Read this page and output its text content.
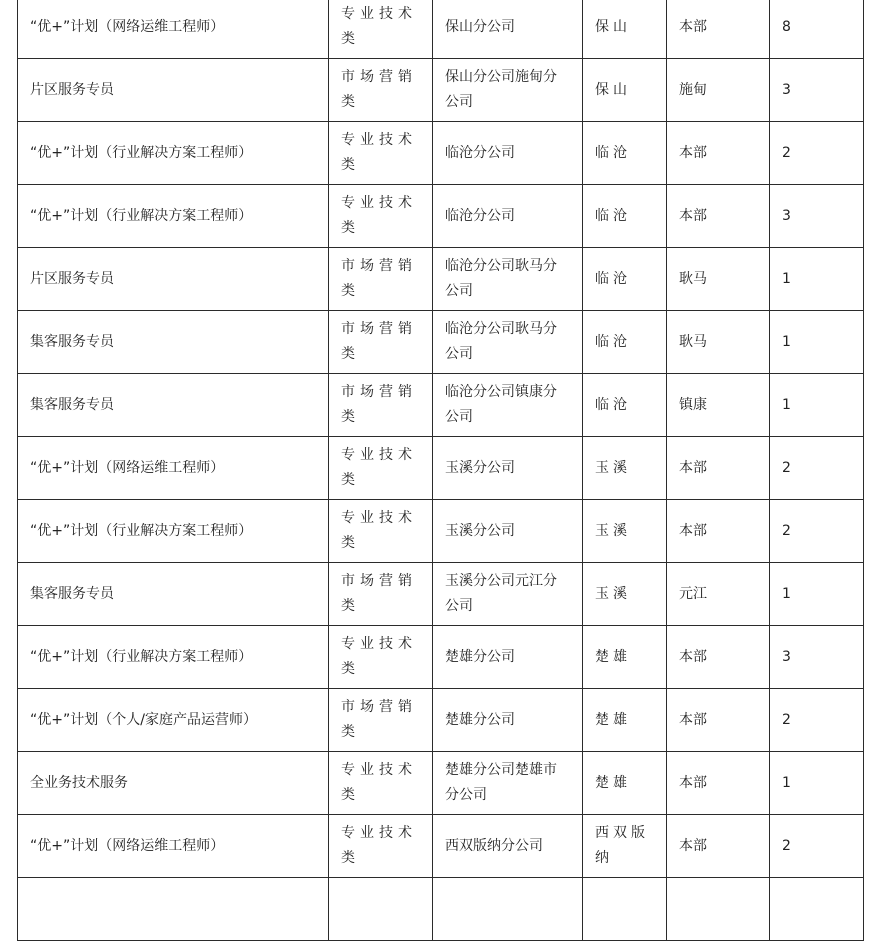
“优+”计划（网络运维工程师）	专业技术类	保山分公司	保山	本部	8
片区服务专员	市场营销类	保山分公司施甸分公司	保山	施甸	3
“优+”计划（行业解决方案工程师）	专业技术类	临沧分公司	临沧	本部	2
“优+”计划（行业解决方案工程师）	专业技术类	临沧分公司	临沧	本部	3
片区服务专员	市场营销类	临沧分公司耿马分公司	临沧	耿马	1
集客服务专员	市场营销类	临沧分公司耿马分公司	临沧	耿马	1
集客服务专员	市场营销类	临沧分公司镇康分公司	临沧	镇康	1
“优+”计划（网络运维工程师）	专业技术类	玉溪分公司	玉溪	本部	2
“优+”计划（行业解决方案工程师）	专业技术类	玉溪分公司	玉溪	本部	2
集客服务专员	市场营销类	玉溪分公司元江分公司	玉溪	元江	1
“优+”计划（行业解决方案工程师）	专业技术类	楚雄分公司	楚雄	本部	3
“优+”计划（个人/家庭产品运营师）	市场营销类	楚雄分公司	楚雄	本部	2
全业务技术服务	专业技术类	楚雄分公司楚雄市分公司	楚雄	本部	1
“优+”计划（网络运维工程师）	专业技术类	西双版纳分公司	西双版纳	本部	2
